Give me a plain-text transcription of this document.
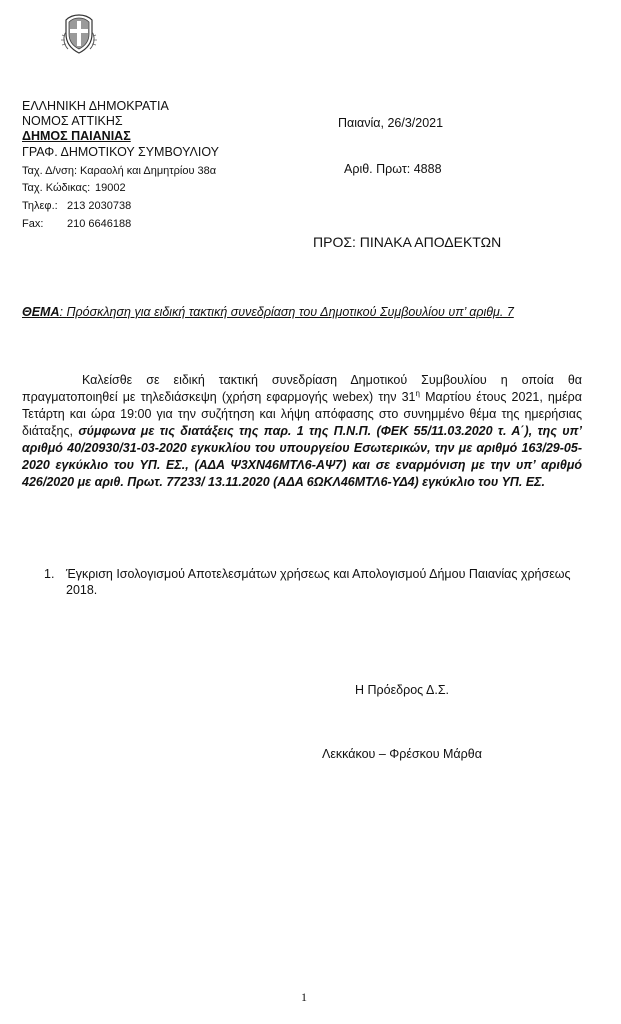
ΕΛΛΗΝΙΚΗ ΔΗΜΟΚΡΑΤΙΑ
ΝΟΜΟΣ ΑΤΤΙΚΗΣ
ΔΗΜΟΣ ΠΑΙΑΝΙΑΣ
ΓΡΑΦ. ΔΗΜΟΤΙΚΟΥ ΣΥΜΒΟΥΛΙΟΥ
Ταχ. Δ/νση: Καραολή και Δημητρίου 38α
Ταχ. Κώδικας: 19002
Τηλεφ.: 213 2030738
Fax: 210 6646188
Παιανία, 26/3/2021
Αριθ. Πρωτ: 4888
ΠΡΟΣ: ΠΙΝΑΚΑ ΑΠΟΔΕΚΤΩΝ
ΘΕΜΑ: Πρόσκληση για ειδική τακτική συνεδρίαση του Δημοτικού Συμβουλίου υπ’ αριθμ. 7
Καλείσθε σε ειδική τακτική συνεδρίαση Δημοτικού Συμβουλίου η οποία θα πραγματοποιηθεί με τηλεδιάσκεψη (χρήση εφαρμογής webex) την $31^\eta$ Μαρτίου έτους 2021, ημέρα Τετάρτη και ώρα 19:00 για την συζήτηση και λήψη απόφασης στο συνημμένο θέμα της ημερήσιας διάταξης, σύμφωνα με τις διατάξεις της παρ. 1 της Π.Ν.Π. (ΦΕΚ 55/11.03.2020 τ. Α΄), της υπ’ αριθμό 40/20930/31-03-2020 εγκυκλίου του υπουργείου Εσωτερικών, την με αριθμό 163/29-05-2020 εγκύκλιο του ΥΠ. ΕΣ., (ΑΔΑ Ψ3ΧΝ46ΜΤΛ6-ΑΨ7) και σε εναρμόνιση με την υπ’ αριθμό 426/2020 με αριθ. Πρωτ. 77233/ 13.11.2020 (ΑΔΑ 6ΩΚΛ46ΜΤΛ6-ΥΔ4) εγκύκλιο του ΥΠ. ΕΣ.
1. Έγκριση Ισολογισμού Αποτελεσμάτων χρήσεως και Απολογισμού Δήμου Παιανίας χρήσεως 2018.
Η Πρόεδρος Δ.Σ.
Λεκκάκου – Φρέσκου Μάρθα
1
